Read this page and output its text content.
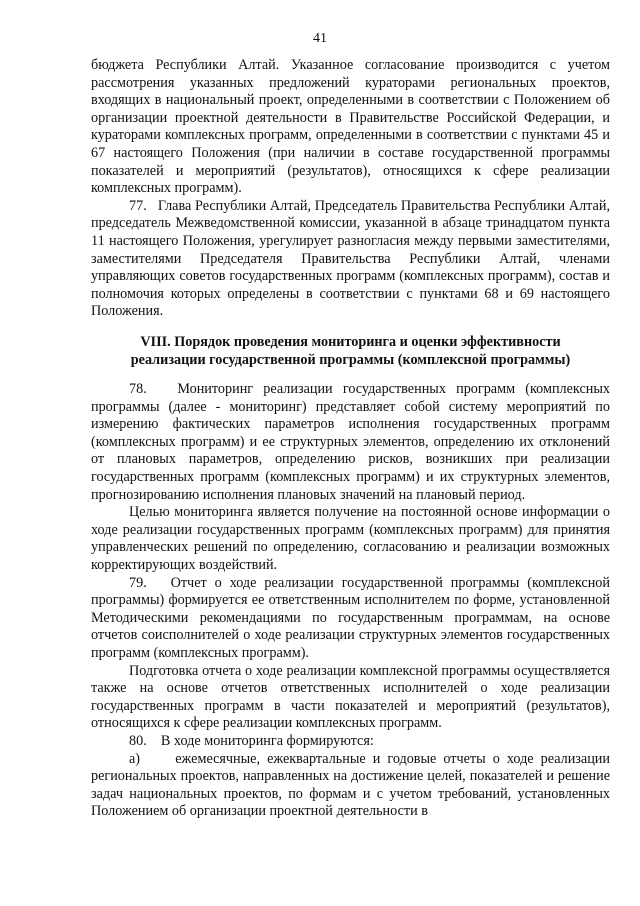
41

бюджета Республики Алтай. Указанное согласование производится с учетом рассмотрения указанных предложений кураторами региональных проектов, входящих в национальный проект, определенными в соответствии с Положением об организации проектной деятельности в Правительстве Российской Федерации, и кураторами комплексных программ, определенными в соответствии с пунктами 45 и 67 настоящего Положения (при наличии в составе государственной программы показателей и мероприятий (результатов), относящихся к сфере реализации комплексных программ).

77.   Глава Республики Алтай, Председатель Правительства Республики Алтай, председатель Межведомственной комиссии, указанной в абзаце тринадцатом пункта 11 настоящего Положения, урегулирует разногласия между первыми заместителями, заместителями Председателя Правительства Республики Алтай, членами управляющих советов государственных программ (комплексных программ), состав и полномочия которых определены в соответствии с пунктами 68 и 69 настоящего Положения.

VIII. Порядок проведения мониторинга и оценки эффективности
реализации государственной программы (комплексной программы)

78.   Мониторинг реализации государственных программ (комплексных программы (далее - мониторинг) представляет собой систему мероприятий по измерению фактических параметров исполнения государственных программ (комплексных программ) и ее структурных элементов, определению их отклонений от плановых параметров, определению рисков, возникших при реализации государственных программ (комплексных программ) и их структурных элементов, прогнозированию исполнения плановых значений на плановый период.

Целью мониторинга является получение на постоянной основе информации о ходе реализации государственных программ (комплексных программ) для принятия управленческих решений по определению, согласованию и реализации возможных корректирующих воздействий.

79.   Отчет о ходе реализации государственной программы (комплексной программы) формируется ее ответственным исполнителем по форме, установленной Методическими рекомендациями по государственным программам, на основе отчетов соисполнителей о ходе реализации структурных элементов государственных программ (комплексных программ).

Подготовка отчета о ходе реализации комплексной программы осуществляется также на основе отчетов ответственных исполнителей о ходе реализации государственных программ в части показателей и мероприятий (результатов), относящихся к сфере реализации комплексных программ.

80.    В ходе мониторинга формируются:

а)     ежемесячные, ежеквартальные и годовые отчеты о ходе реализации региональных проектов, направленных на достижение целей, показателей и решение задач национальных проектов, по формам и с учетом требований, установленных Положением об организации проектной деятельности в
